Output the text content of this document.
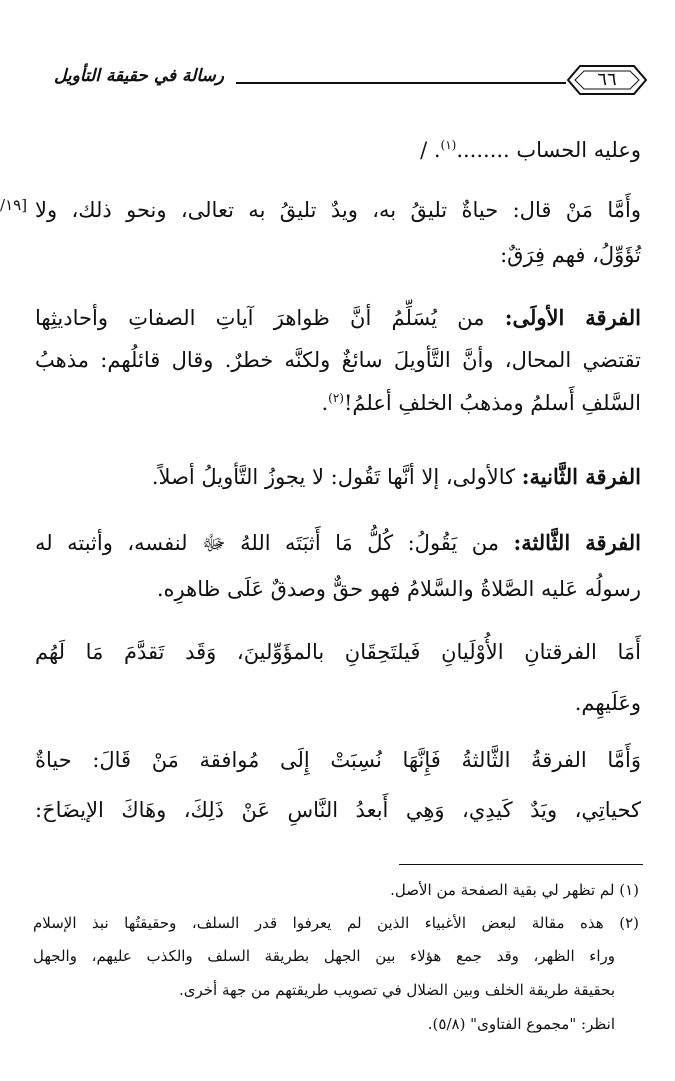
رسالة في حقيقة التأويل	٦٦
/١٩]
وعليه الحساب ........$^{(١)}$. /
وأَمَّا مَنْ قال: حياةٌ تليقُ به، ويدٌ تليقُ به تعالى، ونحو ذلك، ولا
تُؤَوِّلُ، فهم فِرَقٌ:
الفرقة الأولَى: من يُسَلِّمُ أنَّ ظواهرَ آياتِ الصفاتِ وأحاديثِها
تقتضي المحال، وأنَّ التَّأويلَ سائغٌ ولكنَّه خطرٌ. وقال قائلُهم: مذهبُ
السَّلفِ أَسلمُ ومذهبُ الخلفِ أعلمُ!$^{(٢)}$.
الفرقة الثَّانية: كالأولى، إلا أنَّها تَقُول: لا يجوزُ التَّأويلُ أصلاً.
الفرقة الثَّالثة: من يَقُولُ: كُلُّ مَا أَثبَتَه اللهُ ﷻ لنفسه، وأثبته له
رسولُه عَليه الصَّلاةُ والسَّلامُ فهو حقٌّ وصدقٌ عَلَى ظاهرِه.
أَمَا الفرقتانِ الأُوْلَيانِ فَيلتَحِقَانِ بالمؤَوِّلينَ، وَقَد تَقدَّمَ مَا لَهُم
وعَلَيهِم.
وَأَمَّا الفرقةُ الثَّالثةُ فَإِنَّهَا نُسِبَتْ إِلَى مُوافقة مَنْ قَالَ: حياةٌ
كحياتِي، ويَدٌ كَيدِي، وَهِي أَبعدُ النَّاسِ عَنْ ذَلِكَ، وهَاكَ الإيضَاحَ:
(١) لم تظهر لي بقية الصفحة من الأصل.
(٢) هذه مقالة لبعض الأغبياء الذين لم يعرفوا قدر السلف، وحقيقتُها نبذ الإسلام
وراء الظهر، وقد جمع هؤلاء بين الجهل بطريقة السلف والكذب عليهم، والجهل
بحقيقة طريقة الخلف وبين الضلال في تصويب طريقتهم من جهة أخرى.
انظر: "مجموع الفتاوى" (٥/٨).
